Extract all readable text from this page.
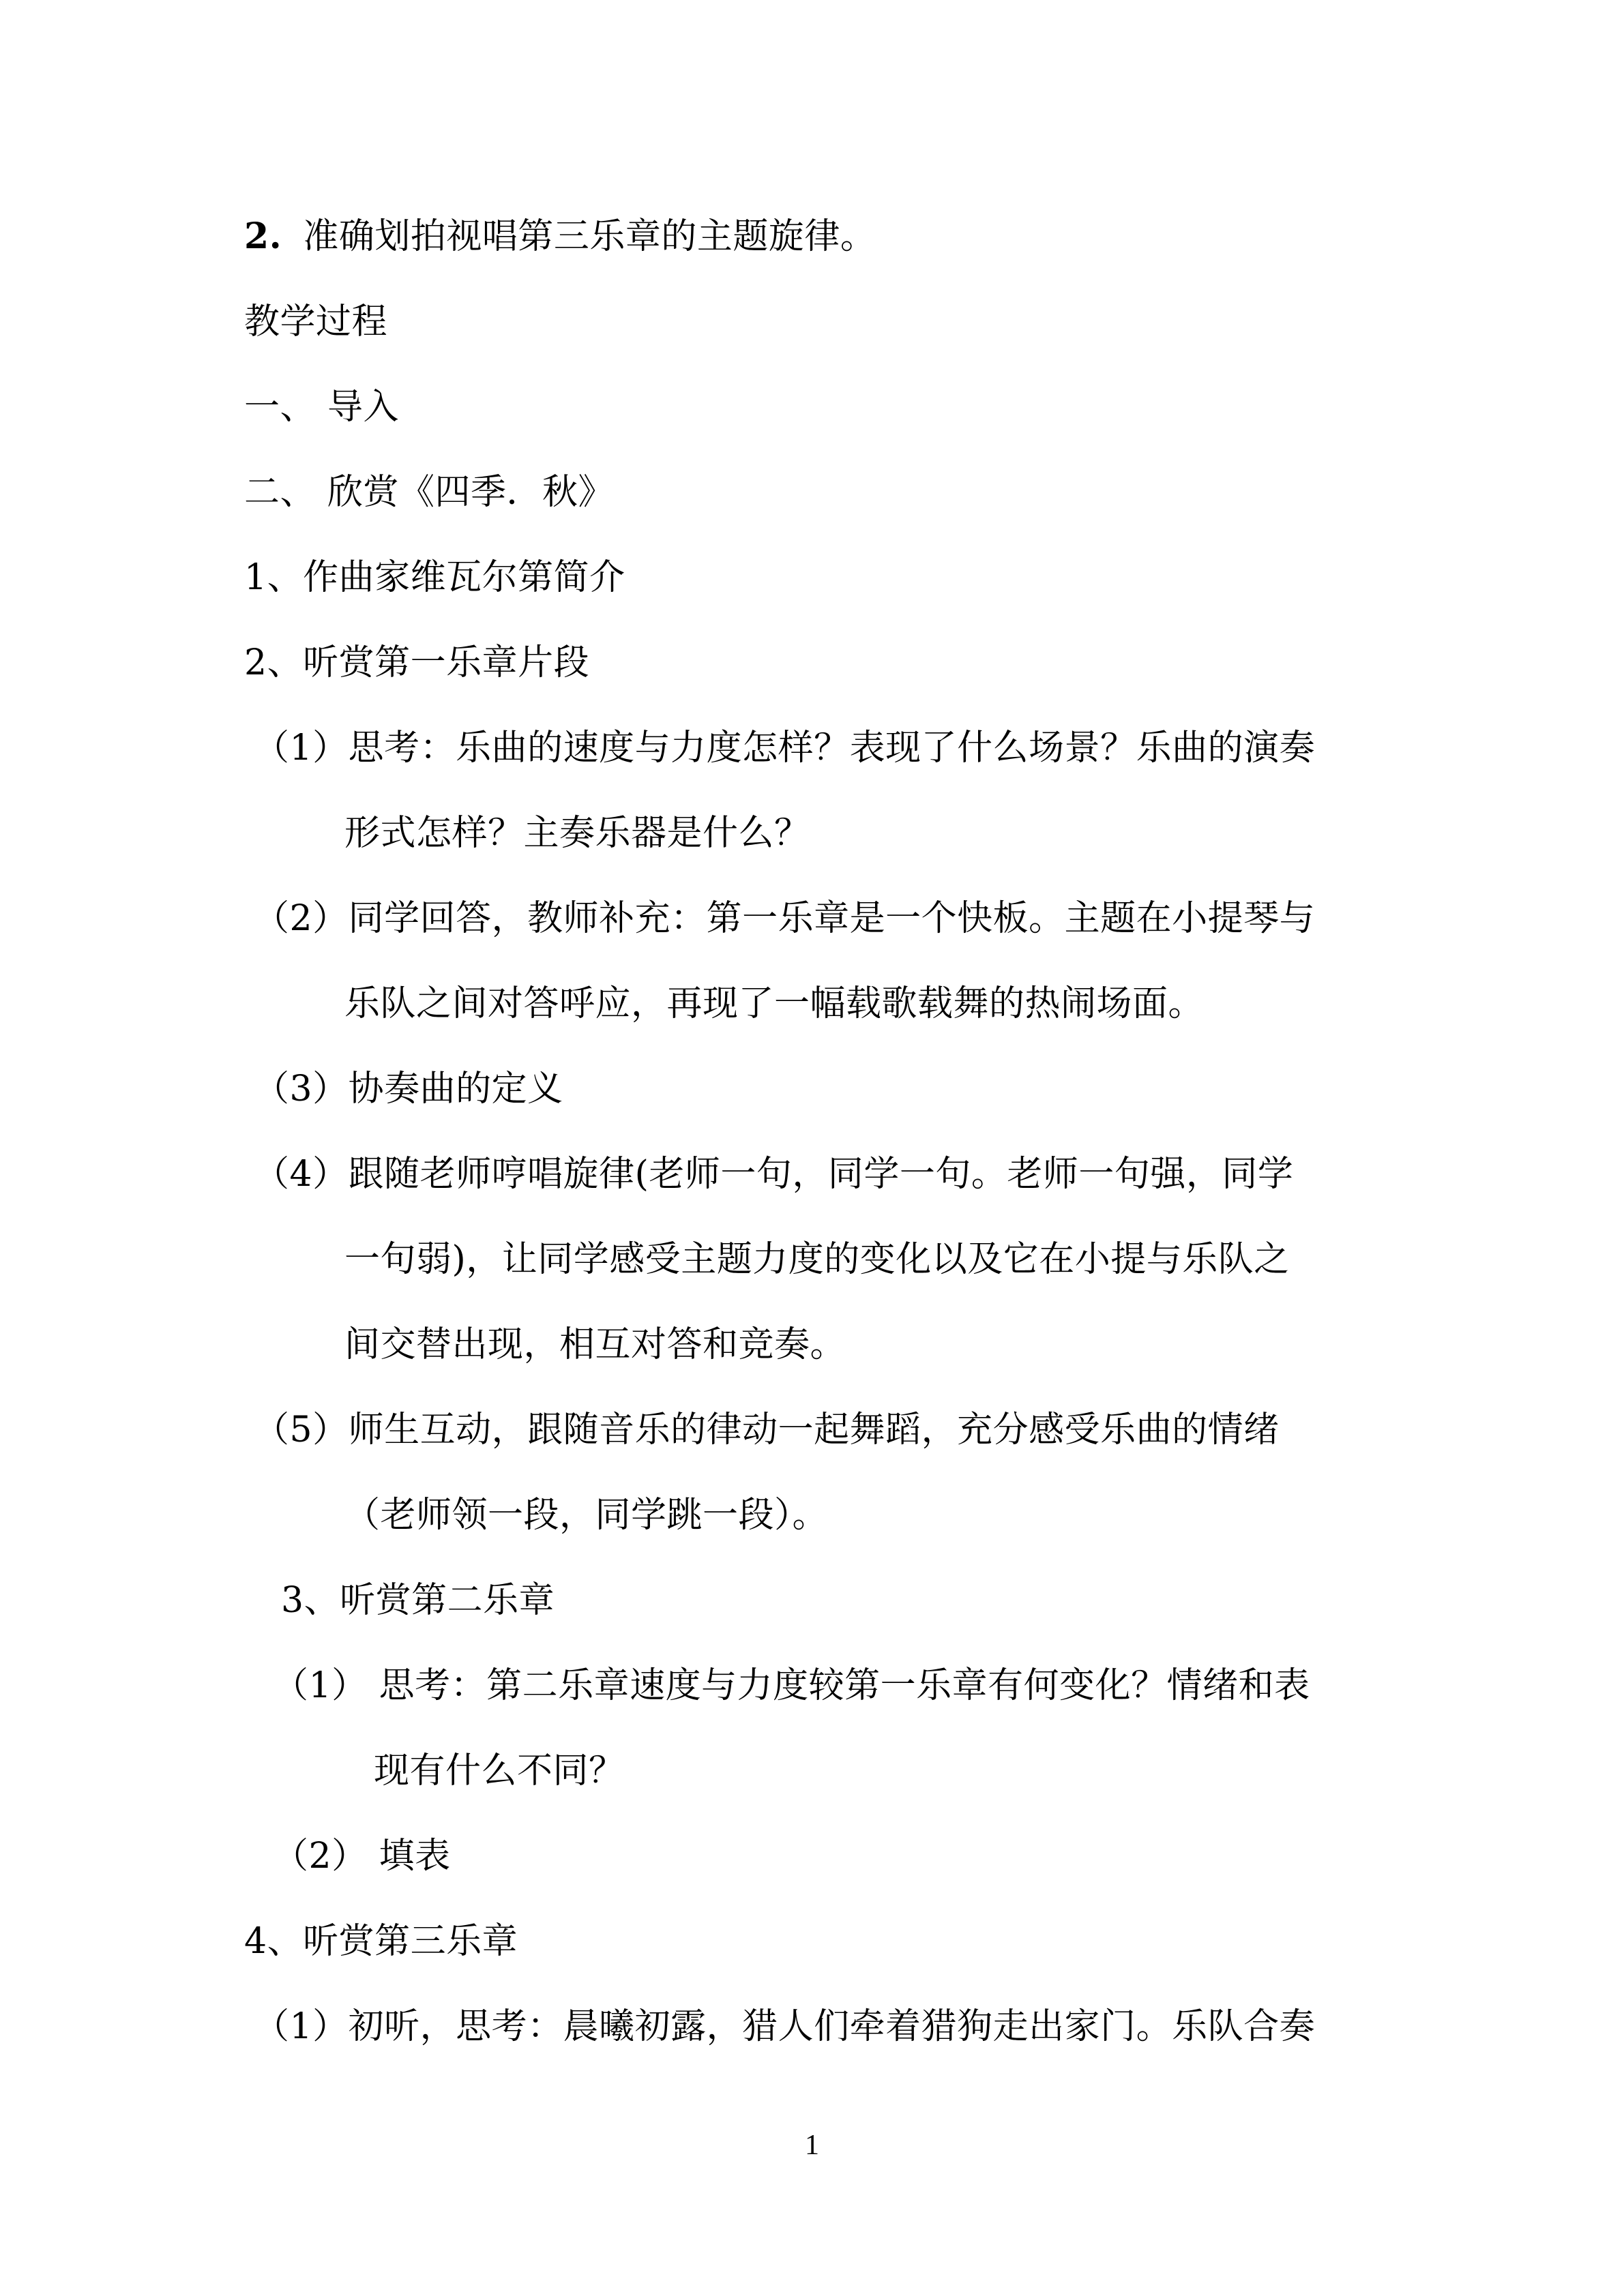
2. 准确划拍视唱第三乐章的主题旋律。
教学过程
一、 导入
二、 欣赏《四季．秋》
1、作曲家维瓦尔第简介
2、听赏第一乐章片段
（1）思考：乐曲的速度与力度怎样？表现了什么场景？乐曲的演奏
形式怎样？主奏乐器是什么？
（2）同学回答，教师补充：第一乐章是一个快板。主题在小提琴与
乐队之间对答呼应，再现了一幅载歌载舞的热闹场面。
（3）协奏曲的定义
（4）跟随老师哼唱旋律(老师一句，同学一句。老师一句强，同学
一句弱)，让同学感受主题力度的变化以及它在小提与乐队之
间交替出现，相互对答和竞奏。
（5）师生互动，跟随音乐的律动一起舞蹈，充分感受乐曲的情绪
（老师领一段，同学跳一段）。
3、听赏第二乐章
（1） 思考：第二乐章速度与力度较第一乐章有何变化？情绪和表
现有什么不同？
（2） 填表
4、听赏第三乐章
（1）初听，思考：晨曦初露，猎人们牵着猎狗走出家门。乐队合奏
1
